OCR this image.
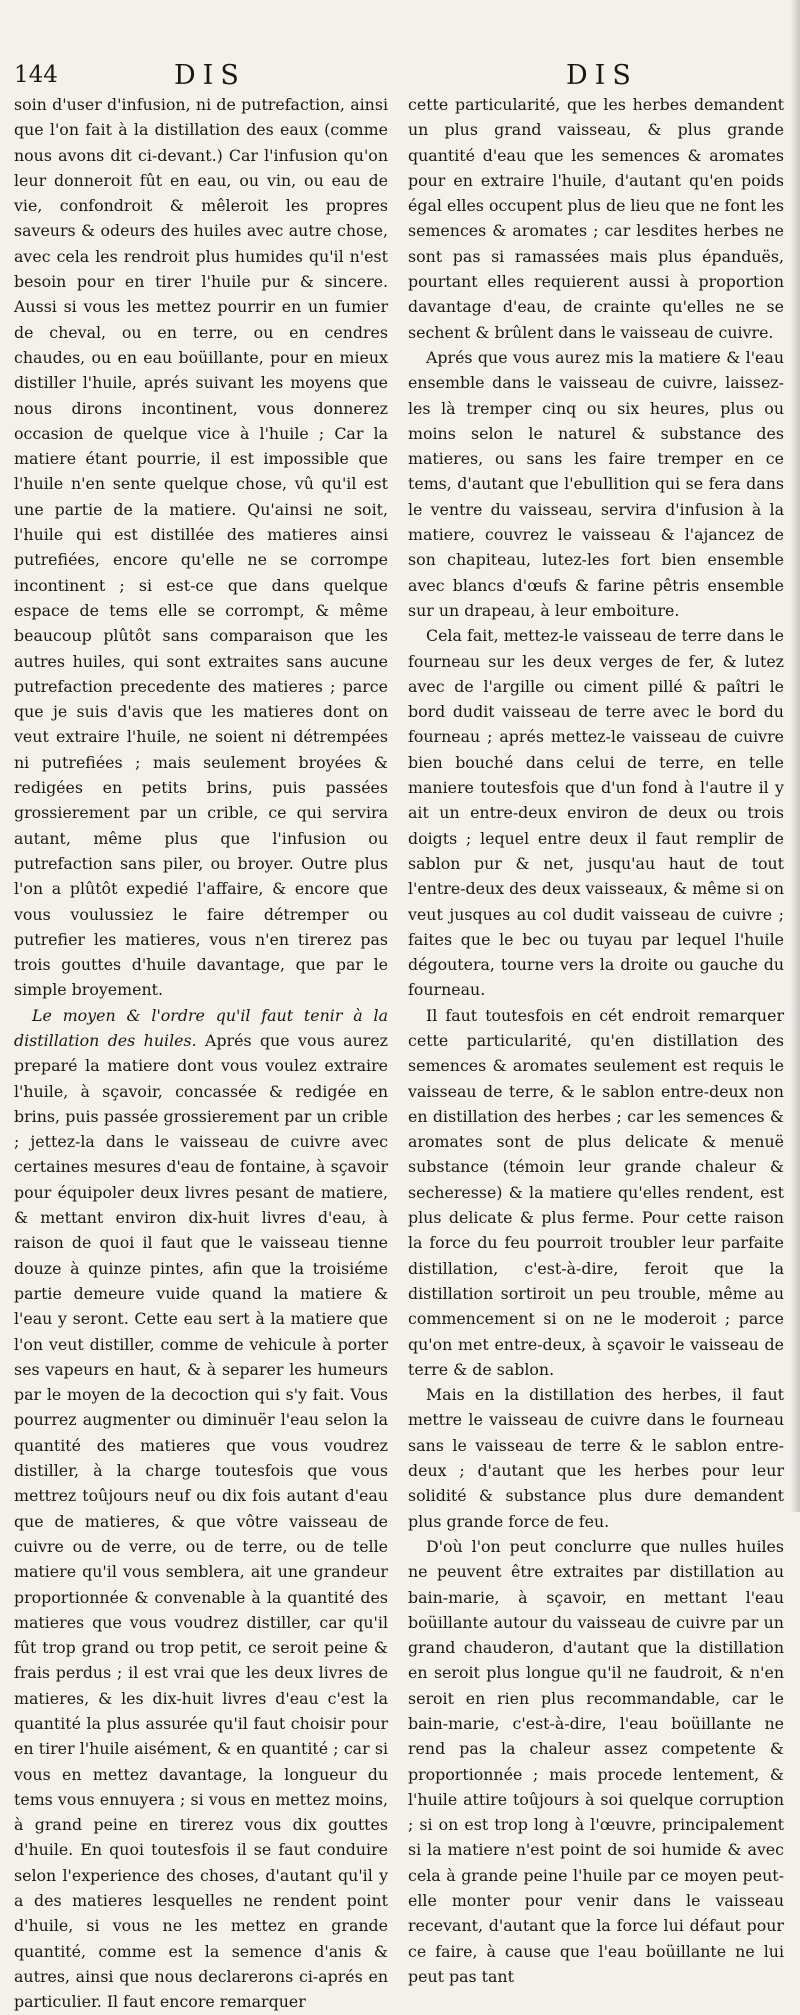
144	DIS	DIS

soin d'user d'infusion, ni de putrefaction, ainsi que l'on fait à la distillation des eaux (comme nous avons dit ci-devant.) Car l'infusion qu'on leur donneroit fût en eau, ou vin, ou eau de vie, confondroit & mêleroit les propres saveurs & odeurs des huiles avec autre chose, avec cela les rendroit plus humides qu'il n'est besoin pour en tirer l'huile pur & sincere. Aussi si vous les mettez pourrir en un fumier de cheval, ou en terre, ou en cendres chaudes, ou en eau boüillante, pour en mieux distiller l'huile, aprés suivant les moyens que nous dirons incontinent, vous donnerez occasion de quelque vice à l'huile ; Car la matiere étant pourrie, il est impossible que l'huile n'en sente quelque chose, vû qu'il est une partie de la matiere. Qu'ainsi ne soit, l'huile qui est distillée des matieres ainsi putrefiées, encore qu'elle ne se corrompe incontinent ; si est-ce que dans quelque espace de tems elle se corrompt, & même beaucoup plûtôt sans comparaison que les autres huiles, qui sont extraites sans aucune putrefaction precedente des matieres ; parce que je suis d'avis que les matieres dont on veut extraire l'huile, ne soient ni détrempées ni putrefiées ; mais seulement broyées & redigées en petits brins, puis passées grossierement par un crible, ce qui servira autant, même plus que l'infusion ou putrefaction sans piler, ou broyer. Outre plus l'on a plûtôt expedié l'affaire, & encore que vous voulussiez le faire détremper ou putrefier les matieres, vous n'en tirerez pas trois gouttes d'huile davantage, que par le simple broyement.

Le moyen & l'ordre qu'il faut tenir à la distillation des huiles. Aprés que vous aurez preparé la matiere dont vous voulez extraire l'huile, à sçavoir, concassée & redigée en brins, puis passée grossierement par un crible ; jettez-la dans le vaisseau de cuivre avec certaines mesures d'eau de fontaine, à sçavoir pour équipoler deux livres pesant de matiere, & mettant environ dix-huit livres d'eau, à raison de quoi il faut que le vaisseau tienne douze à quinze pintes, afin que la troisiéme partie demeure vuide quand la matiere & l'eau y seront. Cette eau sert à la matiere que l'on veut distiller, comme de vehicule à porter ses vapeurs en haut, & à separer les humeurs par le moyen de la decoction qui s'y fait. Vous pourrez augmenter ou diminuër l'eau selon la quantité des matieres que vous voudrez distiller, à la charge toutesfois que vous mettrez toûjours neuf ou dix fois autant d'eau que de matieres, & que vôtre vaisseau de cuivre ou de verre, ou de terre, ou de telle matiere qu'il vous semblera, ait une grandeur proportionnée & convenable à la quantité des matieres que vous voudrez distiller, car qu'il fût trop grand ou trop petit, ce seroit peine & frais perdus ; il est vrai que les deux livres de matieres, & les dix-huit livres d'eau c'est la quantité la plus assurée qu'il faut choisir pour en tirer l'huile aisément, & en quantité ; car si vous en mettez davantage, la longueur du tems vous ennuyera ; si vous en mettez moins, à grand peine en tirerez vous dix gouttes d'huile. En quoi toutesfois il se faut conduire selon l'experience des choses, d'autant qu'il y a des matieres lesquelles ne rendent point d'huile, si vous ne les mettez en grande quantité, comme est la semence d'anis & autres, ainsi que nous declarerons ci-aprés en particulier. Il faut encore remarquer

cette particularité, que les herbes demandent un plus grand vaisseau, & plus grande quantité d'eau que les semences & aromates pour en extraire l'huile, d'autant qu'en poids égal elles occupent plus de lieu que ne font les semences & aromates ; car lesdites herbes ne sont pas si ramassées mais plus épanduës, pourtant elles requierent aussi à proportion davantage d'eau, de crainte qu'elles ne se sechent & brûlent dans le vaisseau de cuivre.

Aprés que vous aurez mis la matiere & l'eau ensemble dans le vaisseau de cuivre, laissez-les là tremper cinq ou six heures, plus ou moins selon le naturel & substance des matieres, ou sans les faire tremper en ce tems, d'autant que l'ebullition qui se fera dans le ventre du vaisseau, servira d'infusion à la matiere, couvrez le vaisseau & l'ajancez de son chapiteau, lutez-les fort bien ensemble avec blancs d'œufs & farine pêtris ensemble sur un drapeau, à leur emboiture.

Cela fait, mettez-le vaisseau de terre dans le fourneau sur les deux verges de fer, & lutez avec de l'argille ou ciment pillé & paîtri le bord dudit vaisseau de terre avec le bord du fourneau ; aprés mettez-le vaisseau de cuivre bien bouché dans celui de terre, en telle maniere toutesfois que d'un fond à l'autre il y ait un entre-deux environ de deux ou trois doigts ; lequel entre deux il faut remplir de sablon pur & net, jusqu'au haut de tout l'entre-deux des deux vaisseaux, & même si on veut jusques au col dudit vaisseau de cuivre ; faites que le bec ou tuyau par lequel l'huile dégoutera, tourne vers la droite ou gauche du fourneau.

Il faut toutesfois en cét endroit remarquer cette particularité, qu'en distillation des semences & aromates seulement est requis le vaisseau de terre, & le sablon entre-deux non en distillation des herbes ; car les semences & aromates sont de plus delicate & menuë substance (témoin leur grande chaleur & secheresse) & la matiere qu'elles rendent, est plus delicate & plus ferme. Pour cette raison la force du feu pourroit troubler leur parfaite distillation, c'est-à-dire, feroit que la distillation sortiroit un peu trouble, même au commencement si on ne le moderoit ; parce qu'on met entre-deux, à sçavoir le vaisseau de terre & de sablon.

Mais en la distillation des herbes, il faut mettre le vaisseau de cuivre dans le fourneau sans le vaisseau de terre & le sablon entre-deux ; d'autant que les herbes pour leur solidité & substance plus dure demandent plus grande force de feu.

D'où l'on peut conclurre que nulles huiles ne peuvent être extraites par distillation au bain-marie, à sçavoir, en mettant l'eau boüillante autour du vaisseau de cuivre par un grand chauderon, d'autant que la distillation en seroit plus longue qu'il ne faudroit, & n'en seroit en rien plus recommandable, car le bain-marie, c'est-à-dire, l'eau boüillante ne rend pas la chaleur assez competente & proportionnée ; mais procede lentement, & l'huile attire toûjours à soi quelque corruption ; si on est trop long à l'œuvre, principalement si la matiere n'est point de soi humide & avec cela à grande peine l'huile par ce moyen peut-elle monter pour venir dans le vaisseau recevant, d'autant que la force lui défaut pour ce faire, à cause que l'eau boüillante ne lui peut pas tant
